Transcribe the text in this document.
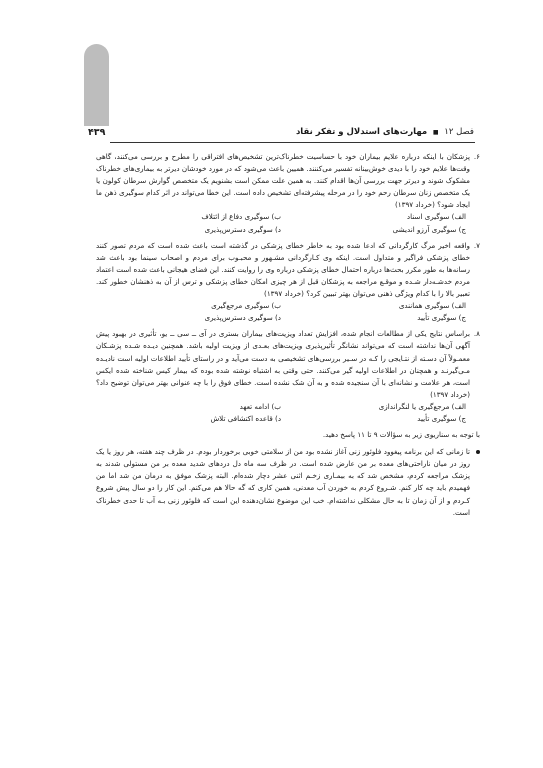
فصل ۱۲ ■ مهارت‌های استدلال و تفکر نقاد
۴۳۹
۶.
پزشکان با اینکه درباره علایم بیماران خود با حساسیت خطرناک‌ترین تشخیص‌های افتراقی را مطرح و بررسی می‌کنند، گاهی وقت‌ها علایم خود را با دیدی خوش‌بینانه تفسیر می‌کننند. همیین باعث می‌شود که در مورد خودشان دیرتر به بیماری‌های خطرناک مشکوک شوند و دیرتر جهت بررسی آن‌ها اقدام کنند. به همین علت ممکن است بشنویم یک متخصص گوارش سرطان کولون یا یک متخصص زنان سرطان رحم خود را در مرحله پیشرفته‌ای تشخیص داده است. این خطا می‌تواند در اثر کدام سوگیری ذهن ما ایجاد شود؟ (خرداد ۱۳۹۷)
الف) سوگیری اسناد
ب) سوگیری دفاع از ائتلاف
ج) سوگیری آرزو اندیشی
د) سوگیری دسترس‌پذیری
۷.
واقعه اخیر مرگ کارگردانی که ادعا شده بود به خاطر خطای پزشکی در گذشته است باعث شده است که مردم تصور کنند خطای پزشکی فراگیر و متداول است. اینکه وی کـارگردانی مشـهور و محبـوب برای مردم و اصحاب سینما بود باعث شد رسانه‌ها به طور مکرر بحث‌ها درباره احتمال خطای پزشکی درباره وی را روایت کنند. این فضای هیجانی باعث شده است اعتماد مردم خدشـه‌دار شـده و موقـع مراجعه به پزشکان قبل از هر چیزی امکان خطای پزشکی و ترس از آن به ذهنشان خطور کند. تعبیر بالا را با کدام ویژگی ذهنی می‌توان بهتر تبیین کرد؟ (خرداد ۱۳۹۷)
الف) سوگیری همانندی
ب) سوگیری مرجع‌گیری
ج) سوگیری تأیید
د) سوگیری دسترس‌پذیری
۸.
براساس نتایج یکی از مطالعات انجام شده، افزایش تعداد ویزیت‌های بیماران بستری در آی ــ سی ــ یو، تأثیری در بهبود پیش آگهی آن‌ها نداشته است که می‌تواند نشانگر تأثیرپذیری ویزیت‌های بعـدی از ویزیت اولیه باشد. همچنین دیـده شـده پزشـکان معمـولاً آن دسـته از نتـایجی را کـه در سـیر بررسی‌های تشخیصی به دست می‌آید و در راستای تأیید اطلاعات اولیه است نادیـده مـی‌گیرنـد و همچنان در اطلاعات اولیه گیر می‌کنند. حتی وقتی به اشتباه نوشته شده بوده که بیمار کیس شناخته شده ایکس است، هر علامت و نشانه‌ای با آن سنجیده شده و به آن شک نشده است. خطای فوق را با چه عنوانی بهتر می‌توان توضیح داد؟ (خرداد ۱۳۹۷)
الف) مرجع‌گیری یا لنگراندازی
ب) ادامه تعهد
ج) سوگیری تأیید
د) قاعده اکتشافی تلاش
با توجه به سناریوی زیر به سؤالات ۹ تا ۱۱ پاسخ دهید.
تا زمانی که این برنامه پیغوود فلوئور زنی آغاز نشده بود من از سلامتی خوبی برخوردار بودم. در ظرف چند هفته، هر روز یا یک روز در میان ناراحتی‌های معده بر من عارض شده است. در ظرف سه ماه دل دردهای شدید معده بر من مستولی شدند به پزشک مراجعه کردم، مشخص شد که به بیمـاری زخـم اثنی عشر دچار شده‌ام. البته پزشک موفق به درمان من شد اما من فهمیدم باید چه کار کنم. شـروع کردم به خوردن آب معدنی، همین کاری که گه حالا هم می‌کنم. این کار را دو سال پیش شروع کـردم و از آن زمان تا به حال مشکلی نداشته‌ام. خب این موضوع نشان‌دهنده این است که فلوئور زنی بـه آب تا حدی خطرناک است.
